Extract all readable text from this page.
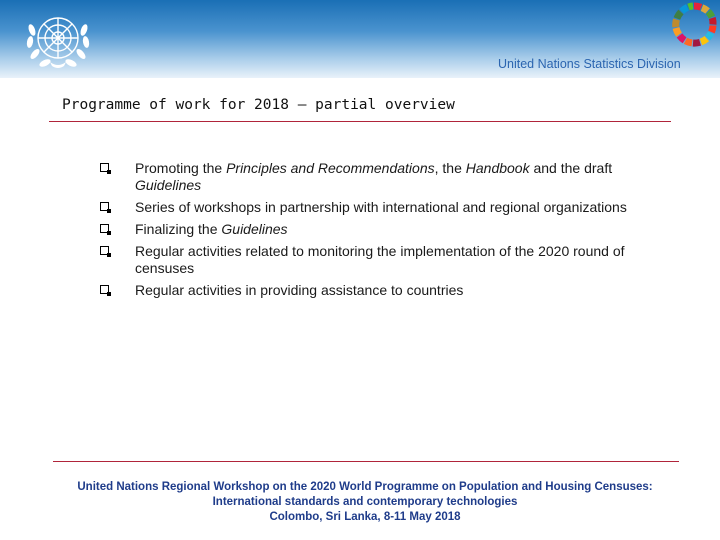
United Nations Statistics Division
Programme of work for 2018 – partial overview
Promoting the Principles and Recommendations, the Handbook and the draft Guidelines
Series of workshops in partnership with international and regional organizations
Finalizing the Guidelines
Regular activities related to monitoring the implementation of the 2020 round of censuses
Regular activities in providing assistance to countries
United Nations Regional Workshop on the 2020 World Programme on Population and Housing Censuses:
International standards and contemporary technologies
Colombo, Sri Lanka, 8-11 May 2018
